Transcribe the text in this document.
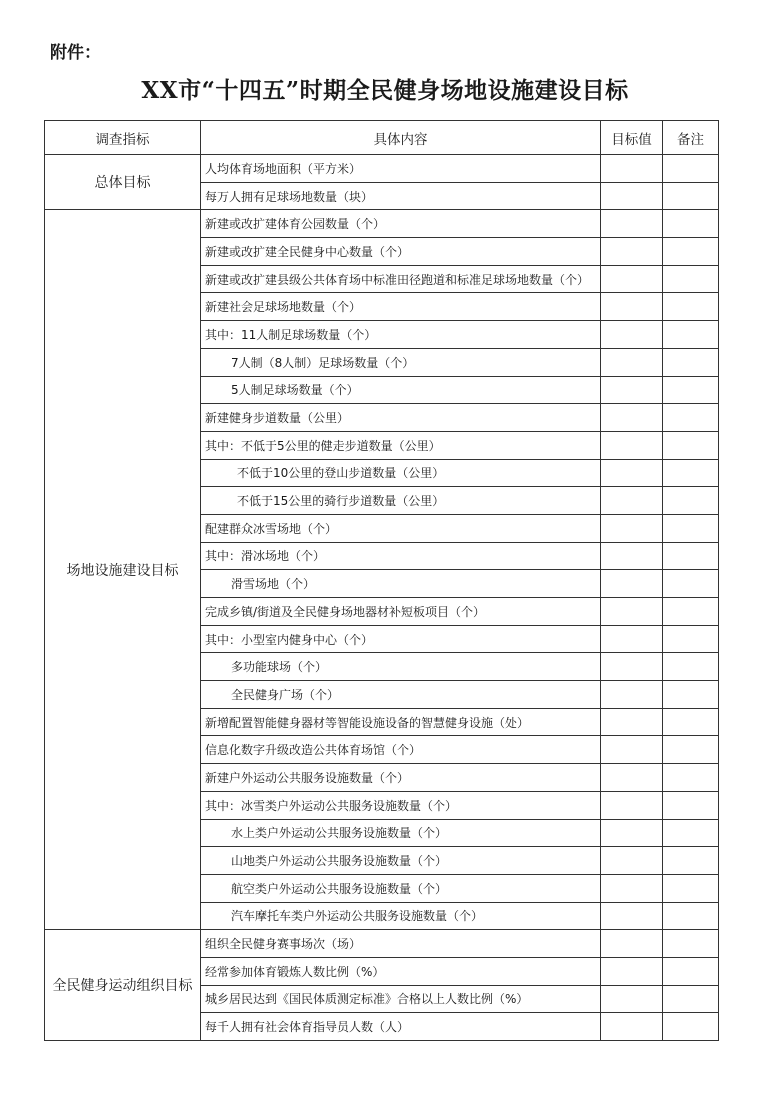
附件：
XX市“十四五”时期全民健身场地设施建设目标
调查指标	具体内容	目标值	备注
总体目标	人均体育场地面积（平方米）		
	每万人拥有足球场地数量（块）		
场地设施建设目标	新建或改扩建体育公园数量（个）		
	新建或改扩建全民健身中心数量（个）		
	新建或改扩建县级公共体育场中标准田径跑道和标准足球场地数量（个）		
	新建社会足球场地数量（个）		
	其中：11人制足球场数量（个）		
	7人制（8人制）足球场数量（个）		
	5人制足球场数量（个）		
	新建健身步道数量（公里）		
	其中：不低于5公里的健走步道数量（公里）		
	不低于10公里的登山步道数量（公里）		
	不低于15公里的骑行步道数量（公里）		
	配建群众冰雪场地（个）		
	其中：滑冰场地（个）		
	滑雪场地（个）		
	完成乡镇/街道及全民健身场地器材补短板项目（个）		
	其中：小型室内健身中心（个）		
	多功能球场（个）		
	全民健身广场（个）		
	新增配置智能健身器材等智能设施设备的智慧健身设施（处）		
	信息化数字升级改造公共体育场馆（个）		
	新建户外运动公共服务设施数量（个）		
	其中：冰雪类户外运动公共服务设施数量（个）		
	水上类户外运动公共服务设施数量（个）		
	山地类户外运动公共服务设施数量（个）		
	航空类户外运动公共服务设施数量（个）		
	汽车摩托车类户外运动公共服务设施数量（个）		
全民健身运动组织目标	组织全民健身赛事场次（场）		
	经常参加体育锻炼人数比例（%）		
	城乡居民达到《国民体质测定标准》合格以上人数比例（%）		
	每千人拥有社会体育指导员人数（人）		
